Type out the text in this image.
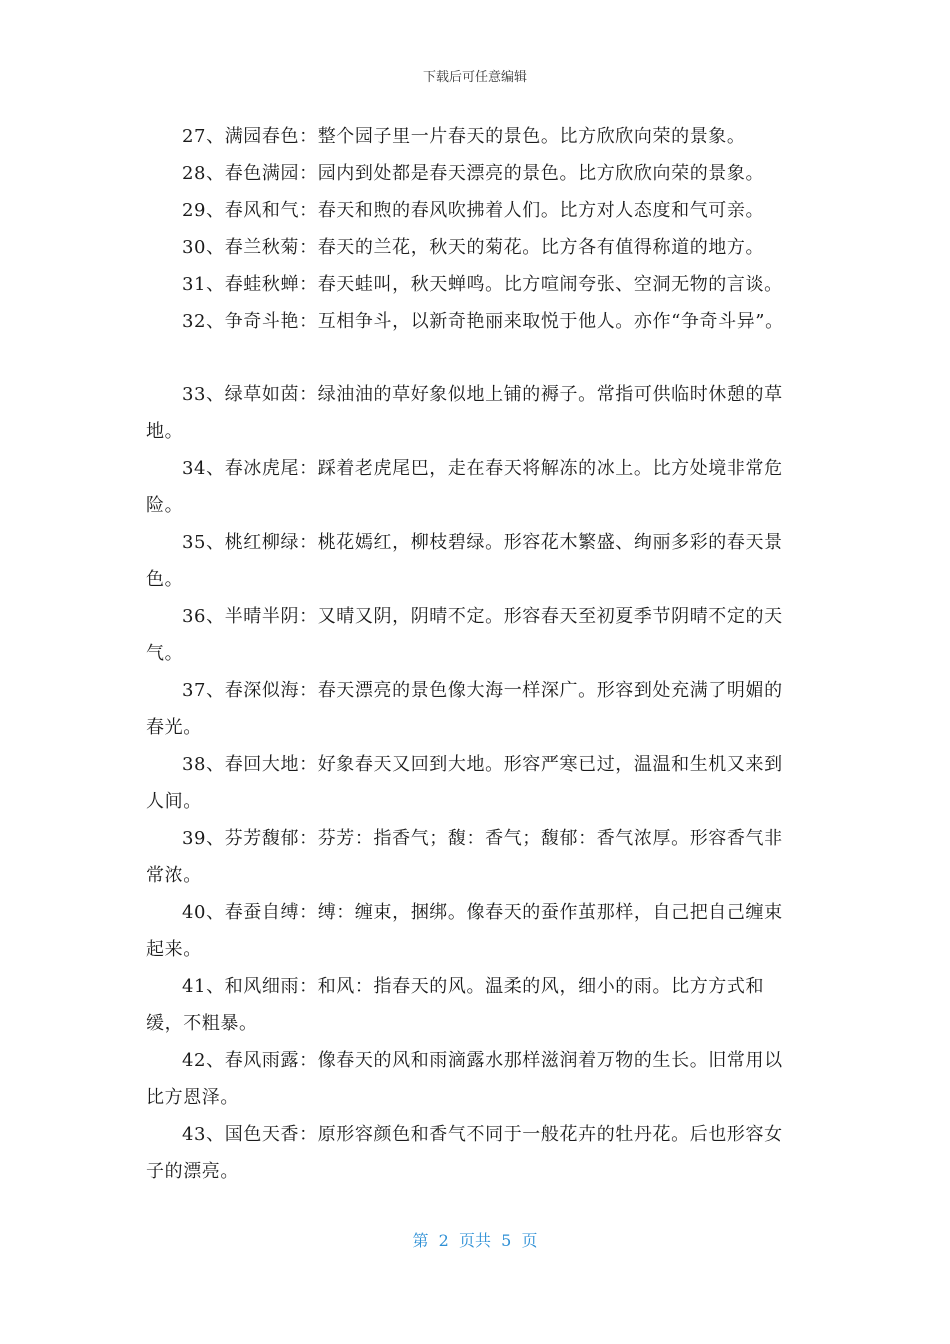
下载后可任意编辑

27、满园春色：整个园子里一片春天的景色。比方欣欣向荣的景象。

28、春色满园：园内到处都是春天漂亮的景色。比方欣欣向荣的景象。

29、春风和气：春天和煦的春风吹拂着人们。比方对人态度和气可亲。

30、春兰秋菊：春天的兰花，秋天的菊花。比方各有值得称道的地方。

31、春蛙秋蝉：春天蛙叫，秋天蝉鸣。比方喧闹夸张、空洞无物的言谈。

32、争奇斗艳：互相争斗，以新奇艳丽来取悦于他人。亦作“争奇斗异”。

33、绿草如茵：绿油油的草好象似地上铺的褥子。常指可供临时休憩的草地。

34、春冰虎尾：踩着老虎尾巴，走在春天将解冻的冰上。比方处境非常危险。

35、桃红柳绿：桃花嫣红，柳枝碧绿。形容花木繁盛、绚丽多彩的春天景色。

36、半晴半阴：又晴又阴，阴晴不定。形容春天至初夏季节阴晴不定的天气。

37、春深似海：春天漂亮的景色像大海一样深广。形容到处充满了明媚的春光。

38、春回大地：好象春天又回到大地。形容严寒已过，温温和生机又来到人间。

39、芬芳馥郁：芬芳：指香气；馥：香气；馥郁：香气浓厚。形容香气非常浓。

40、春蚕自缚：缚：缠束，捆绑。像春天的蚕作茧那样，自己把自己缠束起来。

41、和风细雨：和风：指春天的风。温柔的风，细小的雨。比方方式和缓，不粗暴。

42、春风雨露：像春天的风和雨滴露水那样滋润着万物的生长。旧常用以比方恩泽。

43、国色天香：原形容颜色和香气不同于一般花卉的牡丹花。后也形容女子的漂亮。

第  2  页共  5  页
